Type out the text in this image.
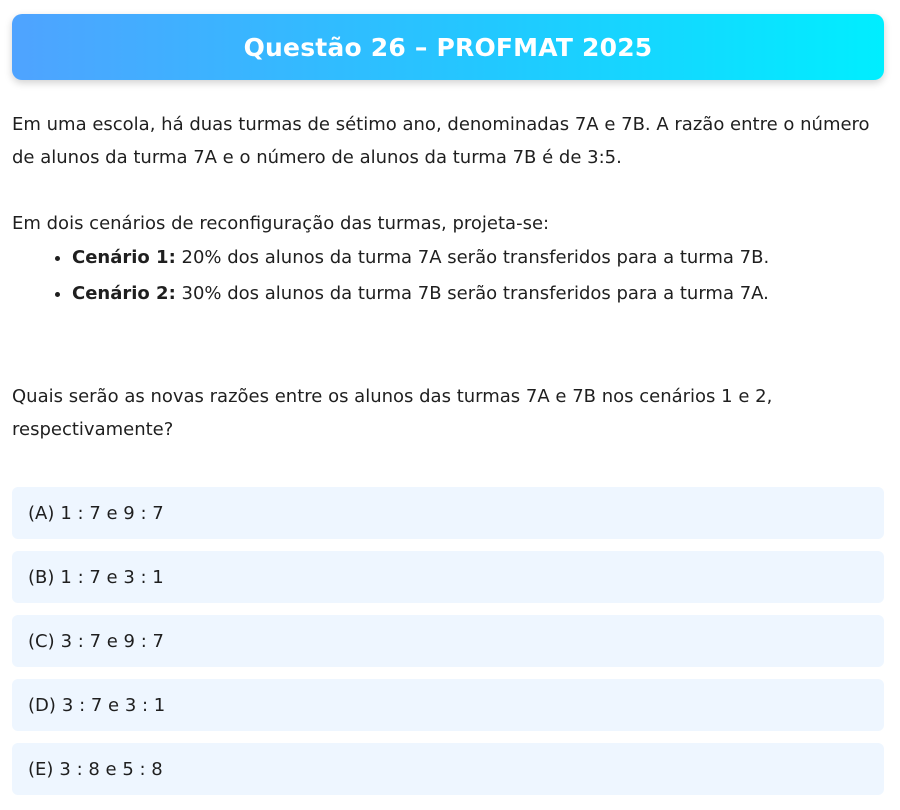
Questão 26 – PROFMAT 2025

Em uma escola, há duas turmas de sétimo ano, denominadas 7A e 7B. A razão entre o número de alunos da turma 7A e o número de alunos da turma 7B é de 3:5.

Em dois cenários de reconfiguração das turmas, projeta-se:

• Cenário 1: 20% dos alunos da turma 7A serão transferidos para a turma 7B.
• Cenário 2: 30% dos alunos da turma 7B serão transferidos para a turma 7A.

Quais serão as novas razões entre os alunos das turmas 7A e 7B nos cenários 1 e 2, respectivamente?

(A) 1 : 7 e 9 : 7
(B) 1 : 7 e 3 : 1
(C) 3 : 7 e 9 : 7
(D) 3 : 7 e 3 : 1
(E) 3 : 8 e 5 : 8
